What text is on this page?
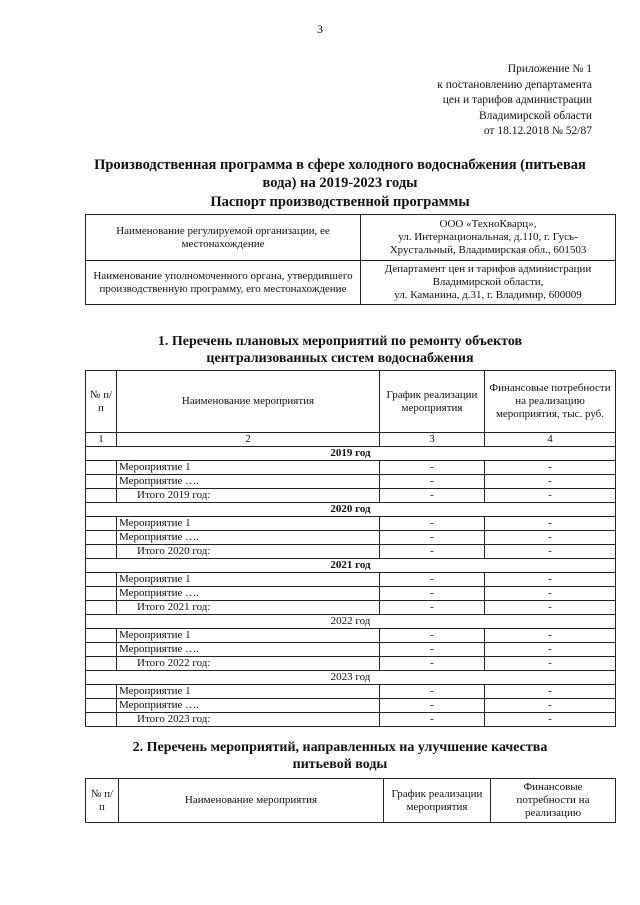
3
Приложение № 1
к постановлению департамента
цен и тарифов администрации
Владимирской области
от 18.12.2018 № 52/87
Производственная программа в сфере холодного водоснабжения (питьевая
вода) на 2019-2023 годы
Паспорт производственной программы
Наименование регулируемой организации, ее местонахождение	ООО «ТехноКварц»,
ул. Интернациональная, д.110, г. Гусь-
Хрустальный, Владимирская обл., 601503

Наименование уполномоченного органа, утвердившего производственную программу, его местонахождение	Департамент цен и тарифов администрации
Владимирской области,
ул. Каманина, д.31, г. Владимир, 600009
1. Перечень плановых мероприятий по ремонту объектов
централизованных систем водоснабжения
№ п/п	Наименование мероприятия	График реализации мероприятия	Финансовые потребности на реализацию мероприятия, тыс. руб.
1	2	3	4
2019 год			
	Мероприятие 1	-	-
	Мероприятие ….	-	-
	Итого 2019 год:	-	-
2020 год			
	Мероприятие 1	-	-
	Мероприятие ….	-	-
	Итого 2020 год:	-	-
2021 год			
	Мероприятие 1	-	-
	Мероприятие ….	-	-
	Итого 2021 год:	-	-
2022 год			
	Мероприятие 1	-	-
	Мероприятие ….	-	-
	Итого 2022 год:	-	-
2023 год			
	Мероприятие 1	-	-
	Мероприятие ….	-	-
	Итого 2023 год:	-	-
2. Перечень мероприятий, направленных на улучшение качества
питьевой воды
№ п/п	Наименование мероприятия	График реализации мероприятия	Финансовые потребности на реализацию
